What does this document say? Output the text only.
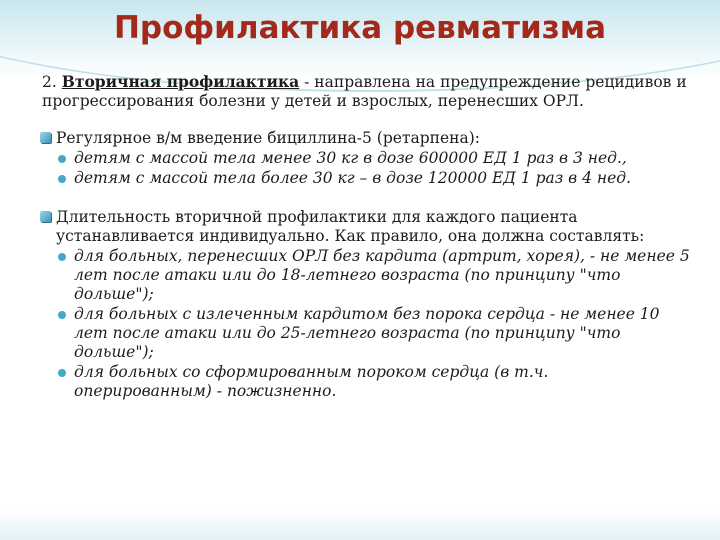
Профилактика ревматизма
2. Вторичная профилактика - направлена на предупреждение рецидивов и прогрессирования болезни у детей и взрослых, перенесших ОРЛ.
Регулярное в/м введение бициллина-5 (ретарпена):
детям с массой тела менее 30 кг в дозе 600000 ЕД 1 раз в 3 нед.,
детям с массой тела более 30 кг – в дозе 120000 ЕД 1 раз в 4 нед.
Длительность вторичной профилактики для каждого пациента устанавливается индивидуально. Как правило, она должна составлять:
для больных, перенесших ОРЛ без кардита (артрит, хорея), - не менее 5 лет после атаки или до 18-летнего возраста (по принципу "что дольше");
для больных с излеченным кардитом без порока сердца - не менее 10 лет после атаки или до 25-летнего возраста (по принципу "что дольше");
для больных со сформированным пороком сердца (в т.ч. оперированным) - пожизненно.
